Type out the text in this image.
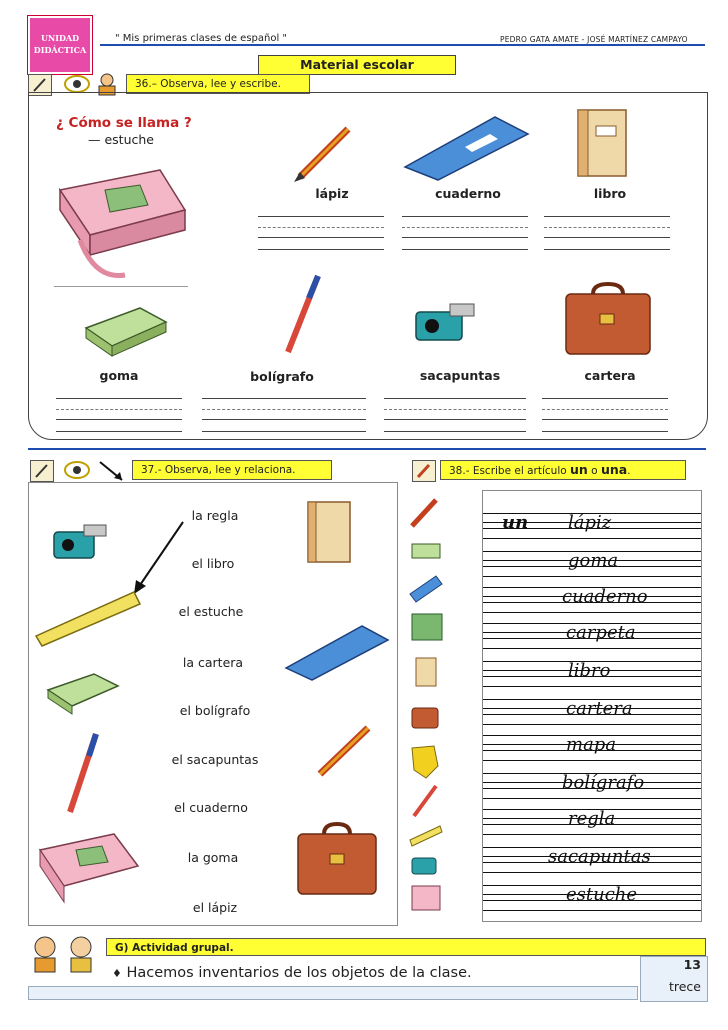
UNIDAD DIDÁCTICA
" Mis primeras clases de español "	PEDRO GATA AMATE - JOSÉ MARTÍNEZ CAMPAYO
Material escolar
36.– Observa, lee y escribe.
¿ Cómo se llama ?
— estuche
lápiz	cuaderno	libro
goma	bolígrafo	sacapuntas	cartera
37.- Observa, lee y relaciona.
la regla
el libro
el estuche
la cartera
el bolígrafo
el sacapuntas
el cuaderno
la goma
el lápiz
38.- Escribe el artículo un o una.
un lápiz
goma
cuaderno
carpeta
libro
cartera
mapa
bolígrafo
regla
sacapuntas
estuche
G) Actividad grupal.
♦ Hacemos inventarios de los objetos de la clase.
13
trece
